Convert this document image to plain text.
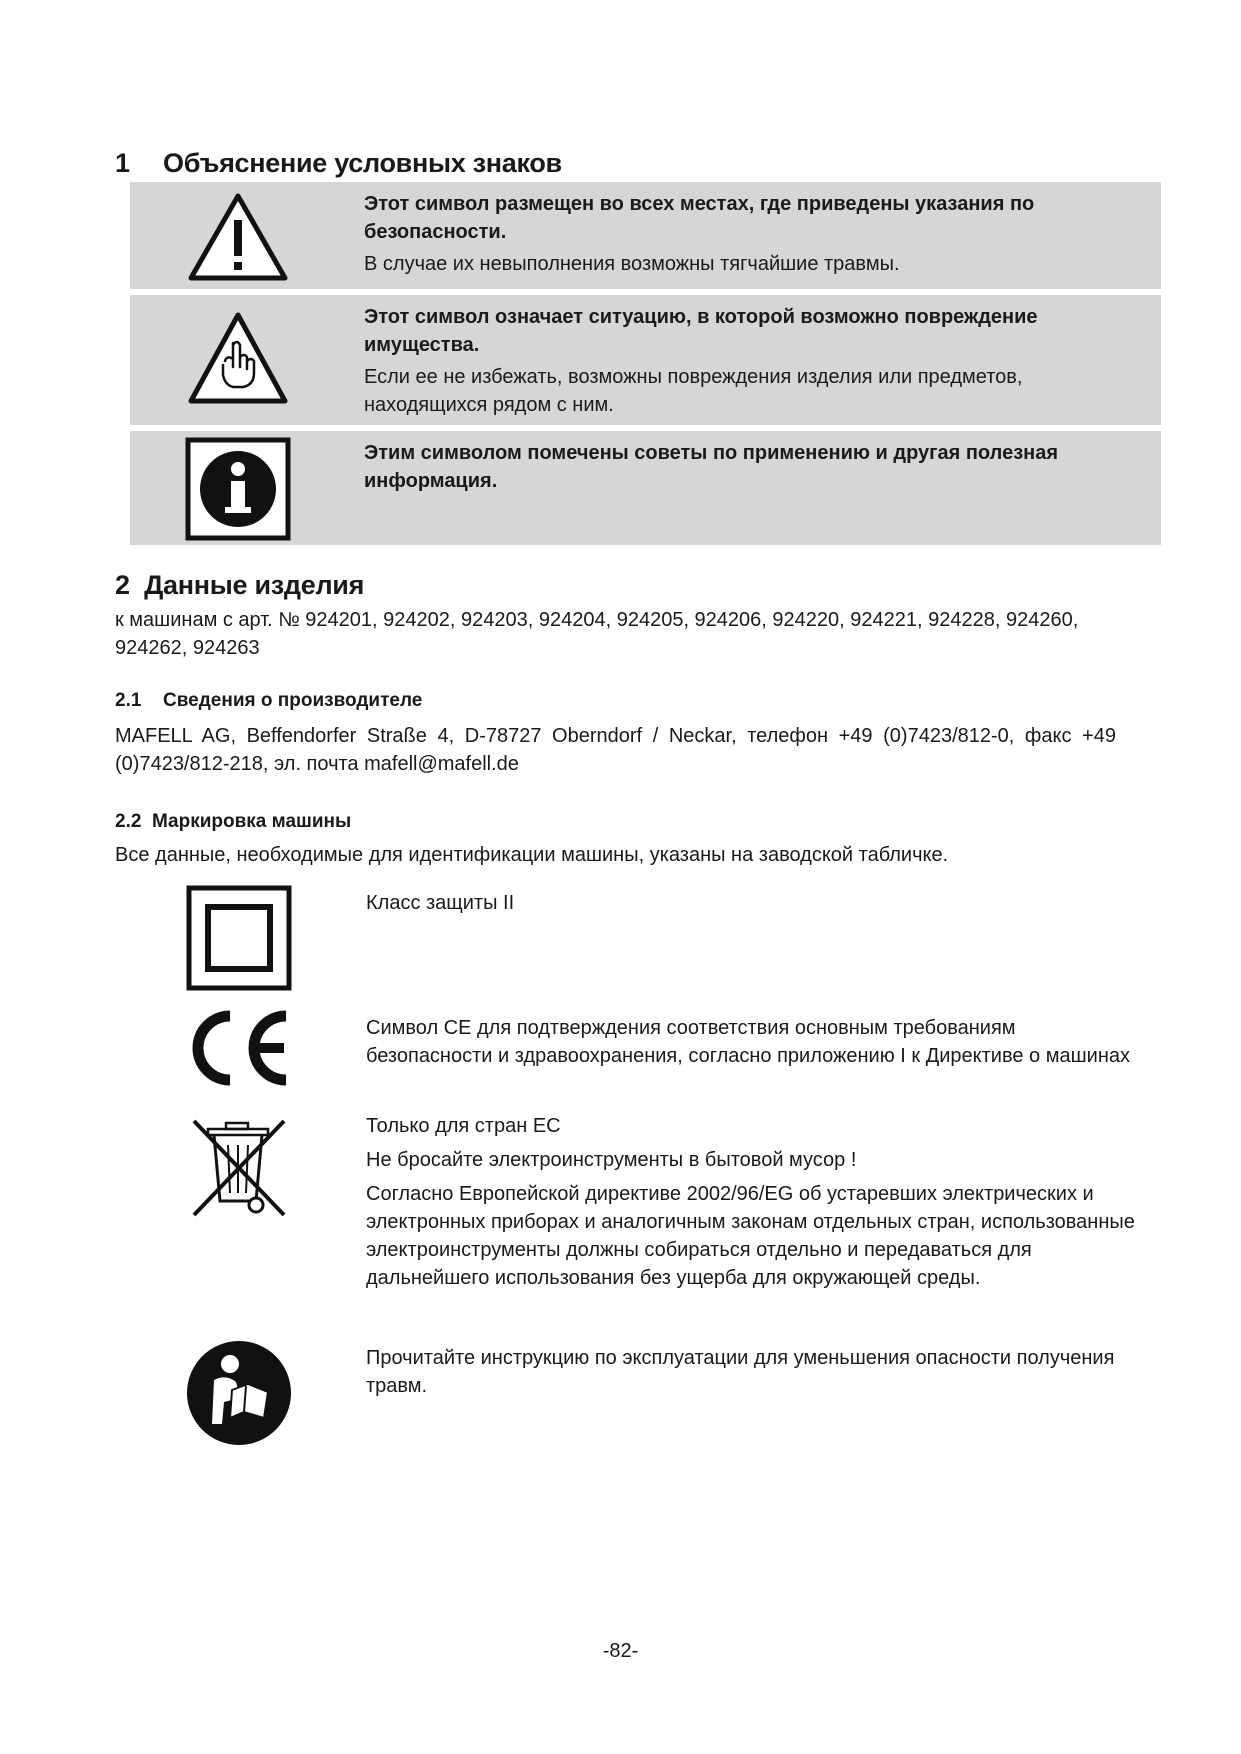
1 Объяснение условных знаков
Этот символ размещен во всех местах, где приведены указания по безопасности.
В случае их невыполнения возможны тягчайшие травмы.
Этот символ означает ситуацию, в которой возможно повреждение имущества.
Если ее не избежать, возможны повреждения изделия или предметов, находящихся рядом с ним.
Этим символом помечены советы по применению и другая полезная информация.
2 Данные изделия
к машинам с арт. № 924201, 924202, 924203, 924204, 924205, 924206, 924220, 924221, 924228, 924260, 924262, 924263
2.1 Сведения о производителе
MAFELL AG, Beffendorfer Straße 4, D-78727 Oberndorf / Neckar, телефон +49 (0)7423/812-0, факс +49
(0)7423/812-218, эл. почта mafell@mafell.de
2.2 Маркировка машины
Все данные, необходимые для идентификации машины, указаны на заводской табличке.

Класс защиты II

Символ CE для подтверждения соответствия основным требованиям безопасности и здравоохранения, согласно приложению I к Директиве о машинах

Только для стран ЕС

Не бросайте электроинструменты в бытовой мусор !

Согласно Европейской директиве 2002/96/EG об устаревших электрических и электронных приборах и аналогичным законам отдельных стран, использованные электроинструменты должны собираться отдельно и передаваться для дальнейшего использования без ущерба для окружающей среды.

Прочитайте инструкцию по эксплуатации для уменьшения опасности получения травм.

-82-
